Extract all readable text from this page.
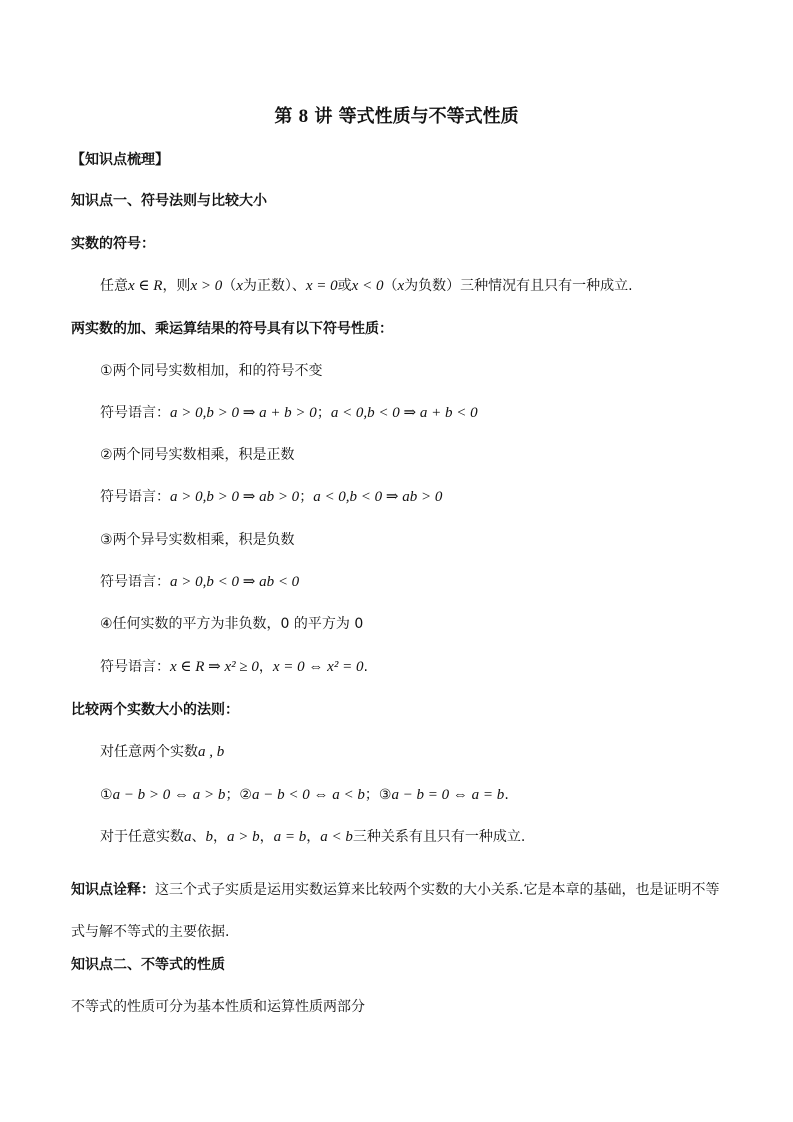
第 8 讲 等式性质与不等式性质
【知识点梳理】
知识点一、符号法则与比较大小
实数的符号：
任意x ∈ R，则x > 0（x为正数）、x = 0或x < 0（x为负数）三种情况有且只有一种成立.
两实数的加、乘运算结果的符号具有以下符号性质：
①两个同号实数相加，和的符号不变
符号语言：a > 0,b > 0 ⇒ a + b > 0；a < 0,b < 0 ⇒ a + b < 0
②两个同号实数相乘，积是正数
符号语言：a > 0,b > 0 ⇒ ab > 0；a < 0,b < 0 ⇒ ab > 0
③两个异号实数相乘，积是负数
符号语言：a > 0,b < 0 ⇒ ab < 0
④任何实数的平方为非负数，0 的平方为 0
符号语言：x ∈ R ⇒ x² ≥ 0，x = 0 ⇔ x² = 0.
比较两个实数大小的法则：
对任意两个实数a , b
①a − b > 0 ⇔ a > b；②a − b < 0 ⇔ a < b；③a − b = 0 ⇔ a = b.
对于任意实数a、b，a > b，a = b，a < b三种关系有且只有一种成立.
知识点诠释：这三个式子实质是运用实数运算来比较两个实数的大小关系.它是本章的基础，也是证明不等式与解不等式的主要依据.
知识点二、不等式的性质
不等式的性质可分为基本性质和运算性质两部分
